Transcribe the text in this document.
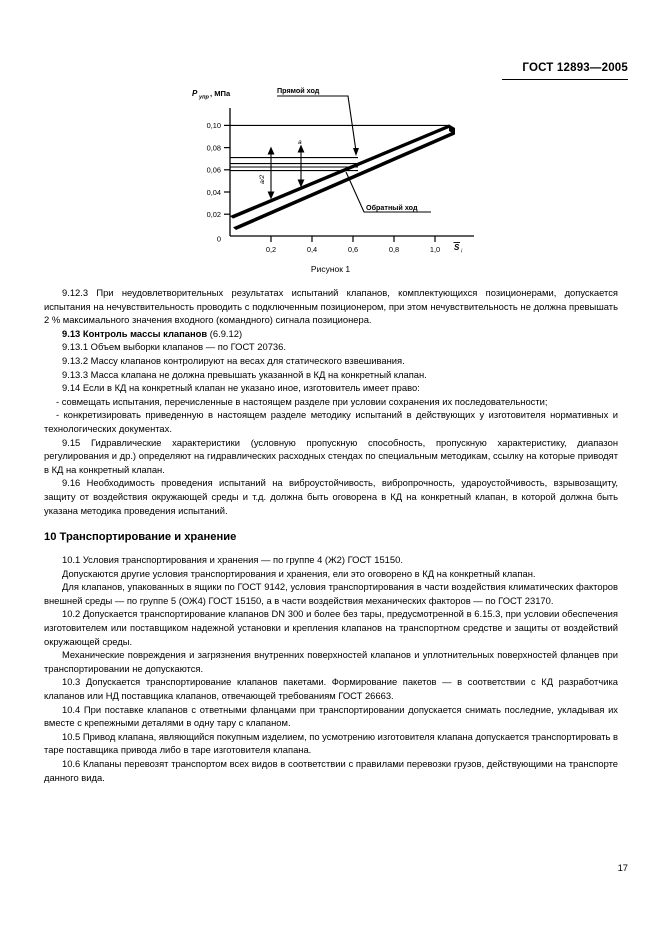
ГОСТ 12893—2005
0,10
0,08
0,06
0,04
0,02
0
0,2	0,4	0,6	0,8	1,0
P упр , МПа
S i
a/2
a
Прямой ход
Обратный ход
Рисунок 1

9.12.3 При неудовлетворительных результатах испытаний клапанов, комплектующихся позиционерами, допускается испытания на нечувствительность проводить с подключенным позиционером, при этом нечувствительность не должна превышать 2 % максимального значения входного (командного) сигнала позиционера.

9.13 Контроль массы клапанов (6.9.12)

9.13.1 Объем выборки клапанов — по ГОСТ 20736.

9.13.2 Массу клапанов контролируют на весах для статического взвешивания.

9.13.3 Масса клапана не должна превышать указанной в КД на конкретный клапан.

9.14 Если в КД на конкретный клапан не указано иное, изготовитель имеет право:

- совмещать испытания, перечисленные в настоящем разделе при условии сохранения их последовательности;

- конкретизировать приведенную в настоящем разделе методику испытаний в действующих у изготовителя нормативных и технологических документах.

9.15 Гидравлические характеристики (условную пропускную способность, пропускную характеристику, диапазон регулирования и др.) определяют на гидравлических расходных стендах по специальным методикам, ссылку на которые приводят в КД на конкретный клапан.

9.16 Необходимость проведения испытаний на виброустойчивость, вибропрочность, удароустойчивость, взрывозащиту, защиту от воздействия окружающей среды и т.д. должна быть оговорена в КД на конкретный клапан, в которой должна быть указана методика проведения испытаний.

10 Транспортирование и хранение

10.1 Условия транспортирования и хранения — по группе 4 (Ж2) ГОСТ 15150.

Допускаются другие условия транспортирования и хранения, ели это оговорено в КД на конкретный клапан.

Для клапанов, упакованных в ящики по ГОСТ 9142, условия транспортирования в части воздействия климатических факторов внешней среды — по группе 5 (ОЖ4) ГОСТ 15150, а в части воздействия механических факторов — по ГОСТ 23170.

10.2 Допускается транспортирование клапанов DN 300 и более без тары, предусмотренной в 6.15.3, при условии обеспечения изготовителем или поставщиком надежной установки и крепления клапанов на транспортном средстве и защиты от воздействий окружающей среды.

Механические повреждения и загрязнения внутренних поверхностей клапанов и уплотнительных поверхностей фланцев при транспортировании не допускаются.

10.3 Допускается транспортирование клапанов пакетами. Формирование пакетов — в соответствии с КД разработчика клапанов или НД поставщика клапанов, отвечающей требованиям ГОСТ 26663.

10.4 При поставке клапанов с ответными фланцами при транспортировании допускается снимать последние, укладывая их вместе с крепежными деталями в одну тару с клапаном.

10.5 Привод клапана, являющийся покупным изделием, по усмотрению изготовителя клапана допускается транспортировать в таре поставщика привода либо в таре изготовителя клапана.

10.6 Клапаны перевозят транспортом всех видов в соответствии с правилами перевозки грузов, действующими на транспорте данного вида.

17
